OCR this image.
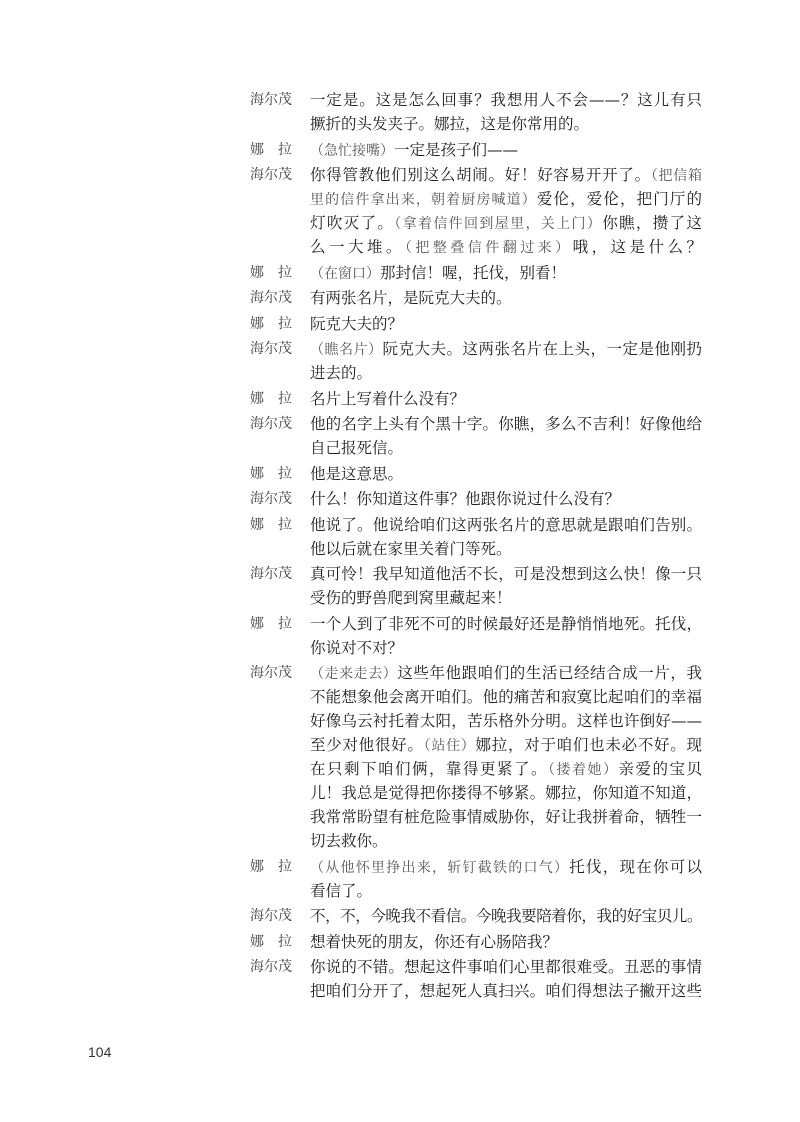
海尔茂	一定是。这是怎么回事？我想用人不会——？这儿有只
撅折的头发夹子。娜拉，这是你常用的。
娜　拉	（急忙接嘴）一定是孩子们——
海尔茂	你得管教他们别这么胡闹。好！好容易开开了。（把信箱
里的信件拿出来，朝着厨房喊道）爱伦，爱伦，把门厅的
灯吹灭了。（拿着信件回到屋里，关上门）你瞧，攒了这
么一大堆。（把整叠信件翻过来）哦，这是什么？
娜　拉	（在窗口）那封信！喔，托伐，别看！
海尔茂	有两张名片，是阮克大夫的。
娜　拉	阮克大夫的？
海尔茂	（瞧名片）阮克大夫。这两张名片在上头，一定是他刚扔
进去的。
娜　拉	名片上写着什么没有？
海尔茂	他的名字上头有个黑十字。你瞧，多么不吉利！好像他给
自己报死信。
娜　拉	他是这意思。
海尔茂	什么！你知道这件事？他跟你说过什么没有？
娜　拉	他说了。他说给咱们这两张名片的意思就是跟咱们告别。
他以后就在家里关着门等死。
海尔茂	真可怜！我早知道他活不长，可是没想到这么快！像一只
受伤的野兽爬到窝里藏起来！
娜　拉	一个人到了非死不可的时候最好还是静悄悄地死。托伐，
你说对不对？
海尔茂	（走来走去）这些年他跟咱们的生活已经结合成一片，我
不能想象他会离开咱们。他的痛苦和寂寞比起咱们的幸福
好像乌云衬托着太阳，苦乐格外分明。这样也许倒好——
至少对他很好。（站住）娜拉，对于咱们也未必不好。现
在只剩下咱们俩，靠得更紧了。（搂着她）亲爱的宝贝
儿！我总是觉得把你搂得不够紧。娜拉，你知道不知道，
我常常盼望有桩危险事情威胁你，好让我拼着命，牺牲一
切去救你。
娜　拉	（从他怀里挣出来，斩钉截铁的口气）托伐，现在你可以
看信了。
海尔茂	不，不，今晚我不看信。今晚我要陪着你，我的好宝贝儿。
娜　拉	想着快死的朋友，你还有心肠陪我？
海尔茂	你说的不错。想起这件事咱们心里都很难受。丑恶的事情
把咱们分开了，想起死人真扫兴。咱们得想法子撇开这些
104
